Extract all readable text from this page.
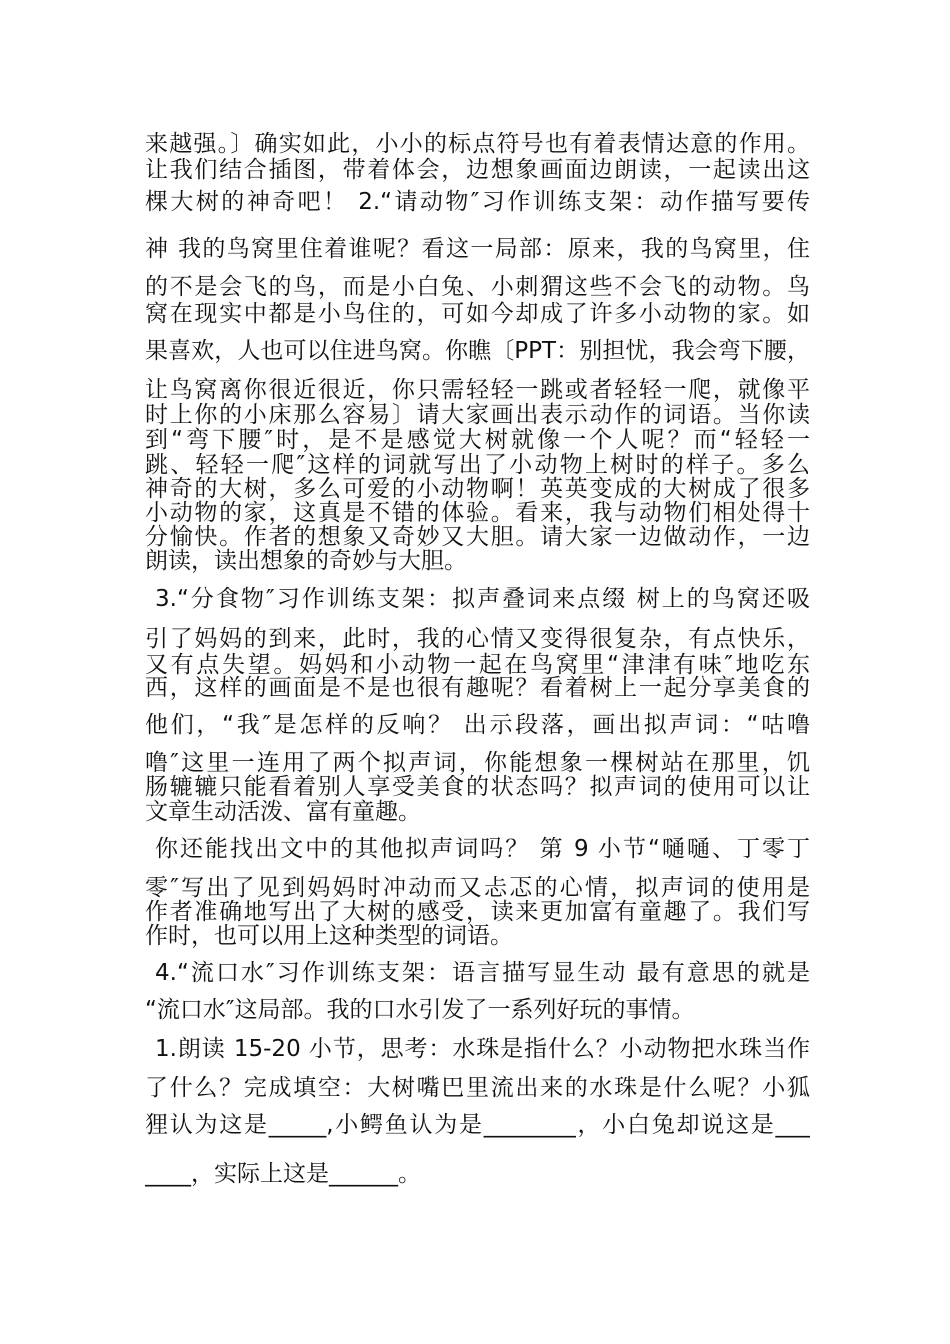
来越强。〕确实如此，小小的标点符号也有着表情达意的作用。
让我们结合插图，带着体会，边想象画面边朗读，一起读出这
棵大树的神奇吧！ 2.“请动物″习作训练支架：动作描写要传
神 我的鸟窝里住着谁呢？看这一局部：原来，我的鸟窝里，住
的不是会飞的鸟，而是小白兔、小刺猬这些不会飞的动物。鸟
窝在现实中都是小鸟住的，可如今却成了许多小动物的家。如
果喜欢，人也可以住进鸟窝。你瞧〔PPT：别担忧，我会弯下腰，
让鸟窝离你很近很近，你只需轻轻一跳或者轻轻一爬，就像平
时上你的小床那么容易〕请大家画出表示动作的词语。当你读
到“弯下腰″时，是不是感觉大树就像一个人呢？而“轻轻一
跳、轻轻一爬″这样的词就写出了小动物上树时的样子。多么
神奇的大树，多么可爱的小动物啊！英英变成的大树成了很多
小动物的家，这真是不错的体验。看来，我与动物们相处得十
分愉快。作者的想象又奇妙又大胆。请大家一边做动作，一边
朗读，读出想象的奇妙与大胆。
3.“分食物″习作训练支架：拟声叠词来点缀 树上的鸟窝还吸
引了妈妈的到来，此时，我的心情又变得很复杂，有点快乐，
又有点失望。妈妈和小动物一起在鸟窝里“津津有味″地吃东
西，这样的画面是不是也很有趣呢？看着树上一起分享美食的
他们，“我″是怎样的反响？ 出示段落，画出拟声词：“咕噜
噜″这里一连用了两个拟声词，你能想象一棵树站在那里，饥
肠辘辘只能看着别人享受美食的状态吗？拟声词的使用可以让
文章生动活泼、富有童趣。
你还能找出文中的其他拟声词吗？ 第 9 小节“嗵嗵、丁零丁
零″写出了见到妈妈时冲动而又忐忑的心情，拟声词的使用是
作者准确地写出了大树的感受，读来更加富有童趣了。我们写
作时，也可以用上这种类型的词语。
4.“流口水″习作训练支架：语言描写显生动 最有意思的就是
“流口水″这局部。我的口水引发了一系列好玩的事情。
1.朗读 15-20 小节，思考：水珠是指什么？小动物把水珠当作
了什么？完成填空：大树嘴巴里流出来的水珠是什么呢？小狐
狸认为这是_____,小鳄鱼认为是________，小白兔却说这是___
____，实际上这是______。
